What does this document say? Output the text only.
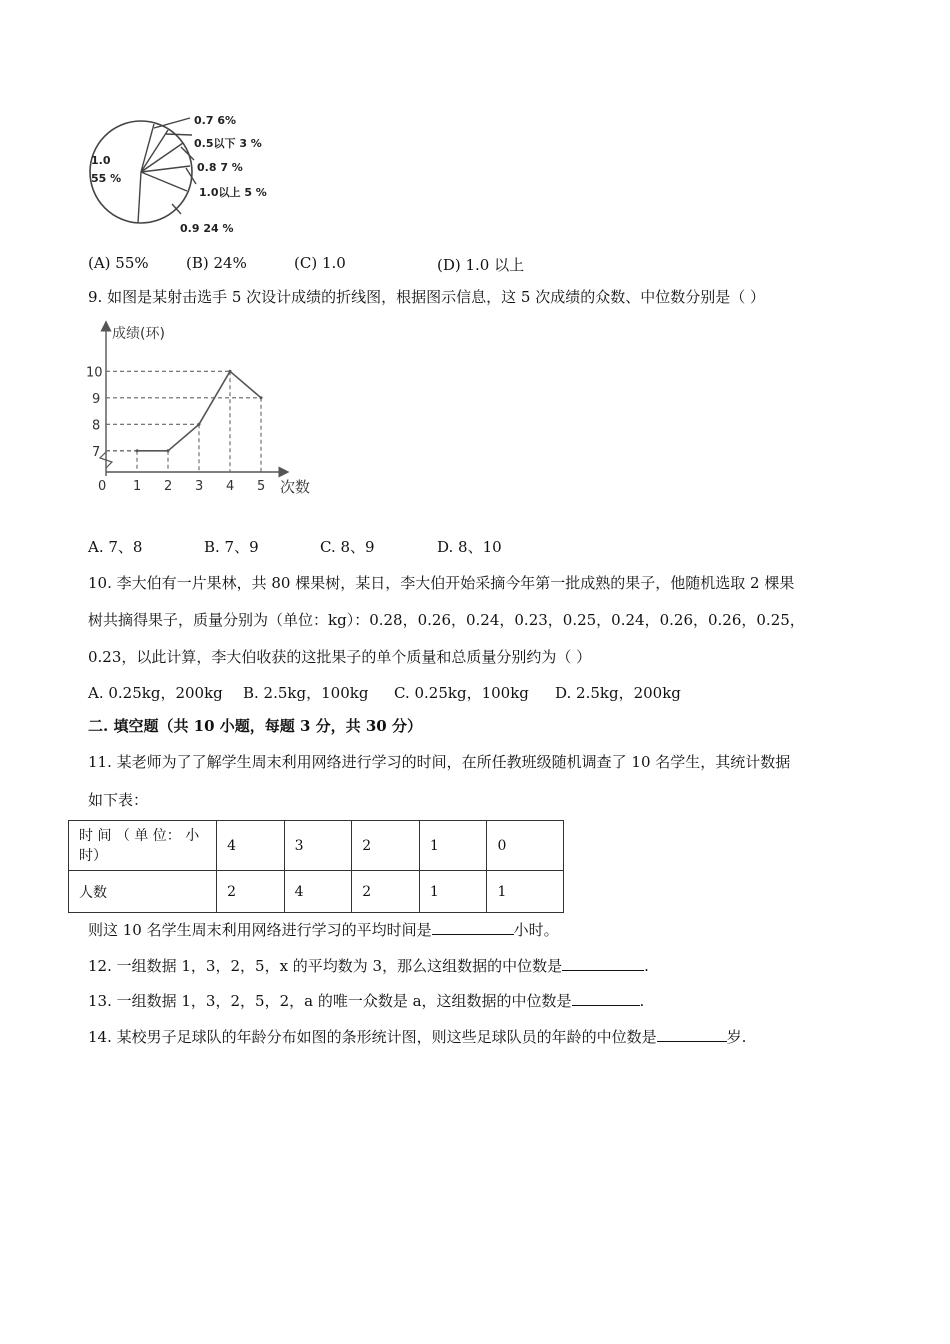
1.0
55 %
0.7 6%
0.5以下 3 %
0.8 7 %
1.0以上 5 %
0.9 24 %
(A) 55% (B) 24%	(C) 1.0	(D) 1.0 以上
9. 如图是某射击选手 5 次设计成绩的折线图，根据图示信息，这 5 次成绩的众数、中位数分别是（ ）
0 1 2 3 4 5
7
8
9
10
成绩(环)
次数
A. 7、8	B. 7、9	C. 8、9	D. 8、10
10. 李大伯有一片果林，共 80 棵果树，某日，李大伯开始采摘今年第一批成熟的果子，他随机选取 2 棵果
树共摘得果子，质量分别为（单位：kg）：0.28，0.26，0.24，0.23，0.25，0.24，0.26，0.26，0.25，
0.23，以此计算，李大伯收获的这批果子的单个质量和总质量分别约为（ ）
A. 0.25kg，200kg B. 2.5kg，100kg C. 0.25kg，100kg D. 2.5kg，200kg
二. 填空题（共 10 小题，每题 3 分，共 30 分）
11. 某老师为了了解学生周末利用网络进行学习的时间，在所任教班级随机调查了 10 名学生，其统计数据
如下表：
时 间 （ 单 位： 小
时）	4	3	2	1	0
人数	2	4	2	1	1
则这 10 名学生周末利用网络进行学习的平均时间是	小时。
12. 一组数据 1，3，2，5，x 的平均数为 3，那么这组数据的中位数是	.
13. 一组数据 1，3，2，5，2，a 的唯一众数是 a，这组数据的中位数是	.
14. 某校男子足球队的年龄分布如图的条形统计图，则这些足球队员的年龄的中位数是	岁.
